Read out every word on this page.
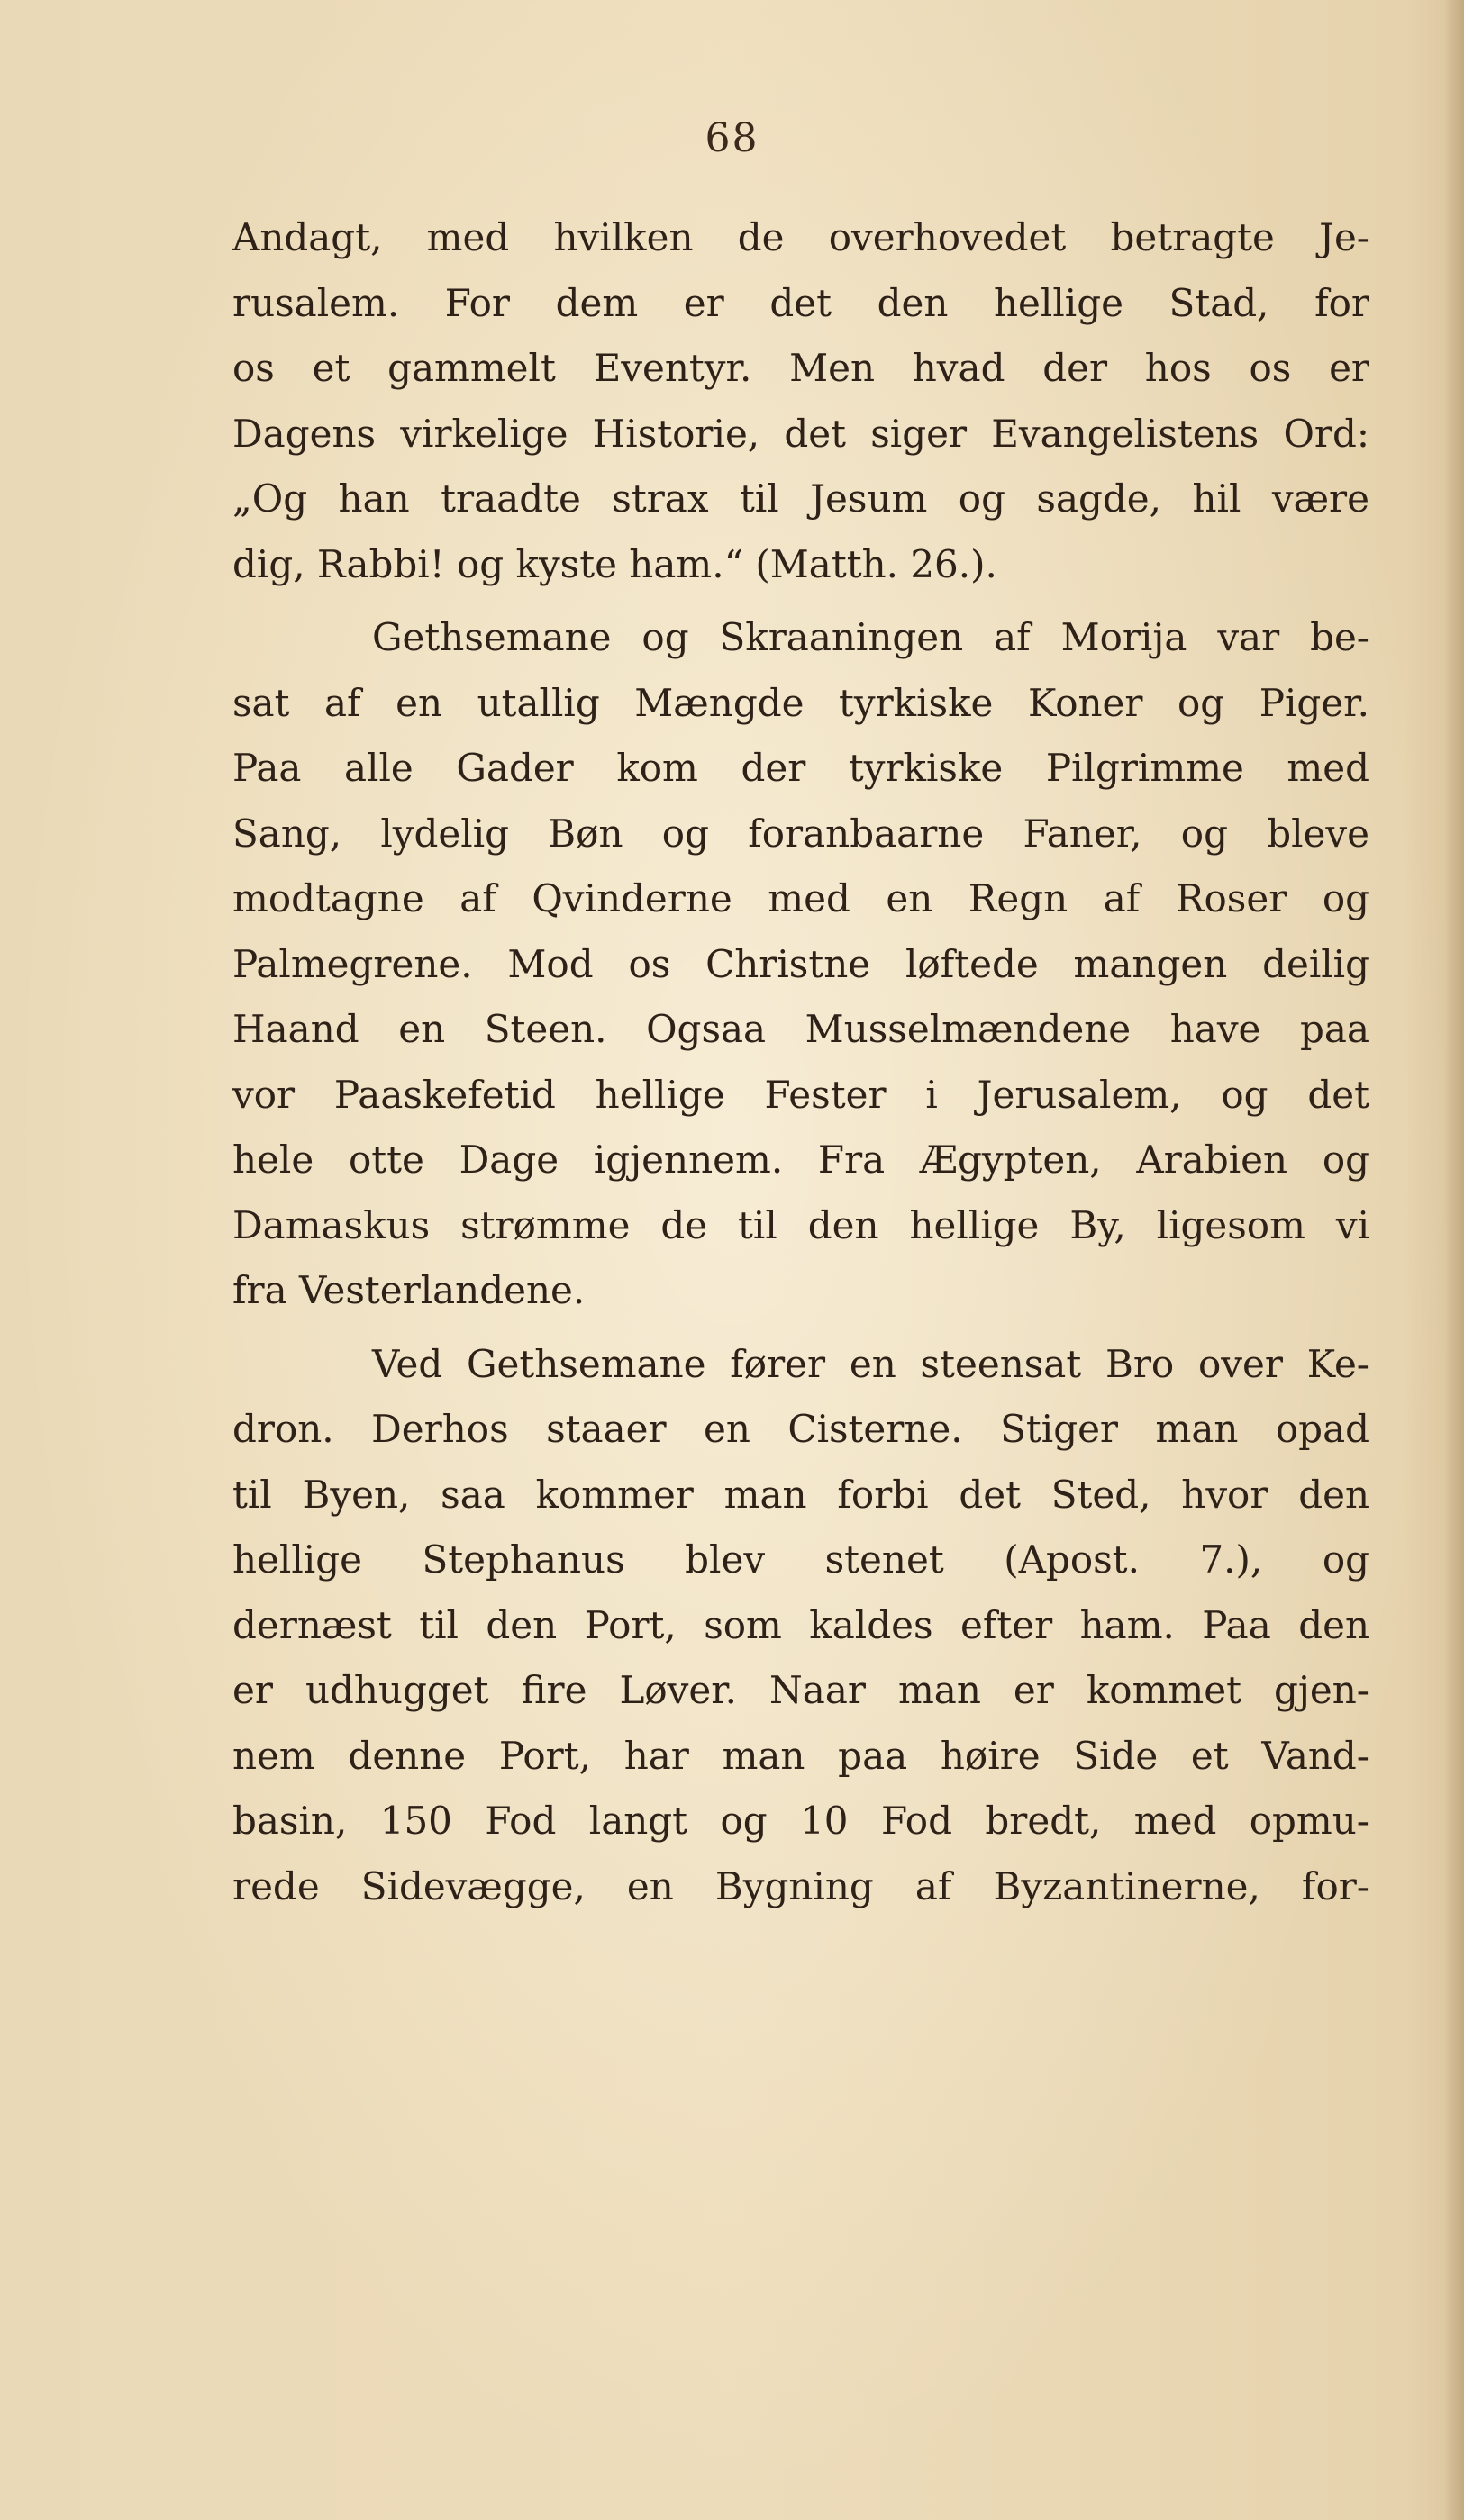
68
Andagt, med hvilken de overhovedet betragte Je-
rusalem. For dem er det den hellige Stad, for
os et gammelt Eventyr. Men hvad der hos os er
Dagens virkelige Historie, det siger Evangelistens Ord:
„Og han traadte strax til Jesum og sagde, hil være
dig, Rabbi! og kyste ham.“ (Matth. 26.).
Gethsemane og Skraaningen af Morija var be-
sat af en utallig Mængde tyrkiske Koner og Piger.
Paa alle Gader kom der tyrkiske Pilgrimme med
Sang, lydelig Bøn og foranbaarne Faner, og bleve
modtagne af Qvinderne med en Regn af Roser og
Palmegrene. Mod os Christne løftede mangen deilig
Haand en Steen. Ogsaa Musselmændene have paa
vor Paaskefetid hellige Fester i Jerusalem, og det
hele otte Dage igjennem. Fra Ægypten, Arabien og
Damaskus strømme de til den hellige By, ligesom vi
fra Vesterlandene.
Ved Gethsemane fører en steensat Bro over Ke-
dron. Derhos staaer en Cisterne. Stiger man opad
til Byen, saa kommer man forbi det Sted, hvor den
hellige Stephanus blev stenet (Apost. 7.), og
dernæst til den Port, som kaldes efter ham. Paa den
er udhugget fire Løver. Naar man er kommet gjen-
nem denne Port, har man paa høire Side et Vand-
basin, 150 Fod langt og 10 Fod bredt, med opmu-
rede Sidevægge, en Bygning af Byzantinerne, for-
